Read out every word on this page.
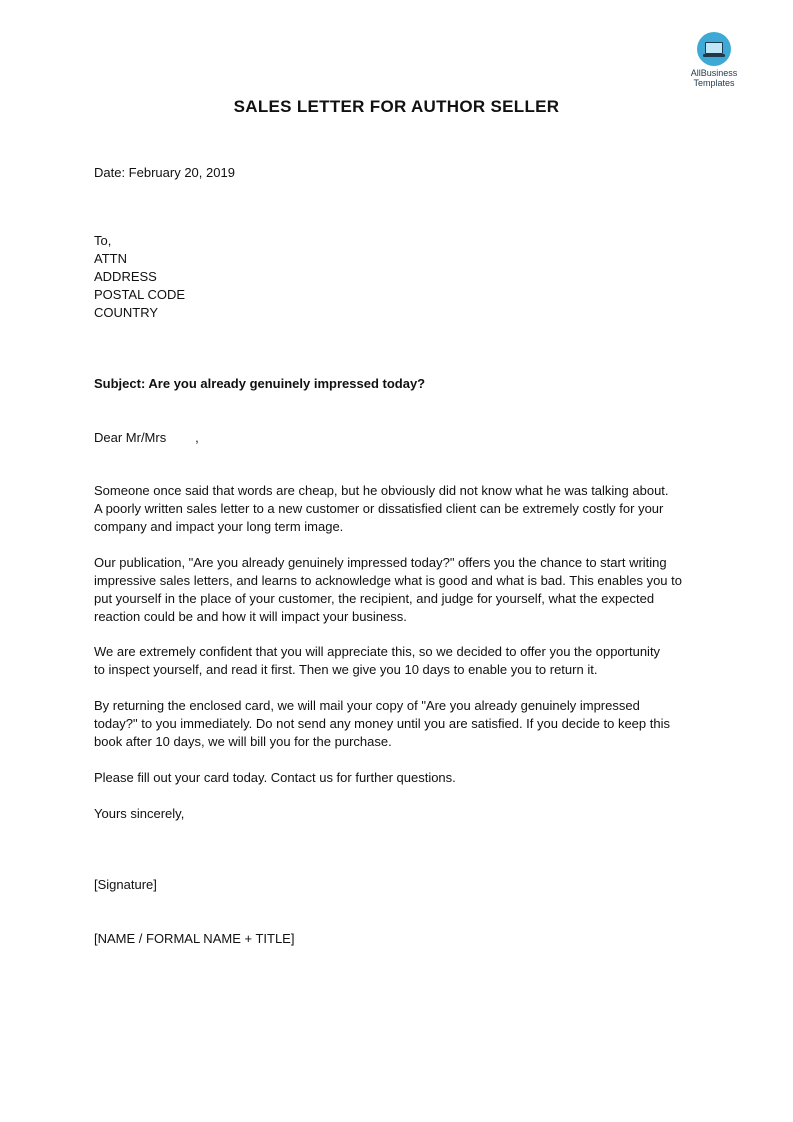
AllBusiness
Templates
SALES LETTER FOR AUTHOR SELLER
Date: February 20, 2019
To,
ATTN
ADDRESS
POSTAL CODE
COUNTRY
Subject: Are you already genuinely impressed today?
Dear Mr/Mrs        ,
Someone once said that words are cheap, but he obviously did not know what he was talking about.
A poorly written sales letter to a new customer or dissatisfied client can be extremely costly for your
company and impact your long term image.
Our publication, "Are you already genuinely impressed today?" offers you the chance to start writing
impressive sales letters, and learns to acknowledge what is good and what is bad. This enables you to
put yourself in the place of your customer, the recipient, and judge for yourself, what the expected
reaction could be and how it will impact your business.
We are extremely confident that you will appreciate this, so we decided to offer you the opportunity
to inspect yourself, and read it first. Then we give you 10 days to enable you to return it.
By returning the enclosed card, we will mail your copy of "Are you already genuinely impressed
today?" to you immediately. Do not send any money until you are satisfied. If you decide to keep this
book after 10 days, we will bill you for the purchase.
Please fill out your card today. Contact us for further questions.
Yours sincerely,
[Signature]
[NAME / FORMAL NAME + TITLE]
